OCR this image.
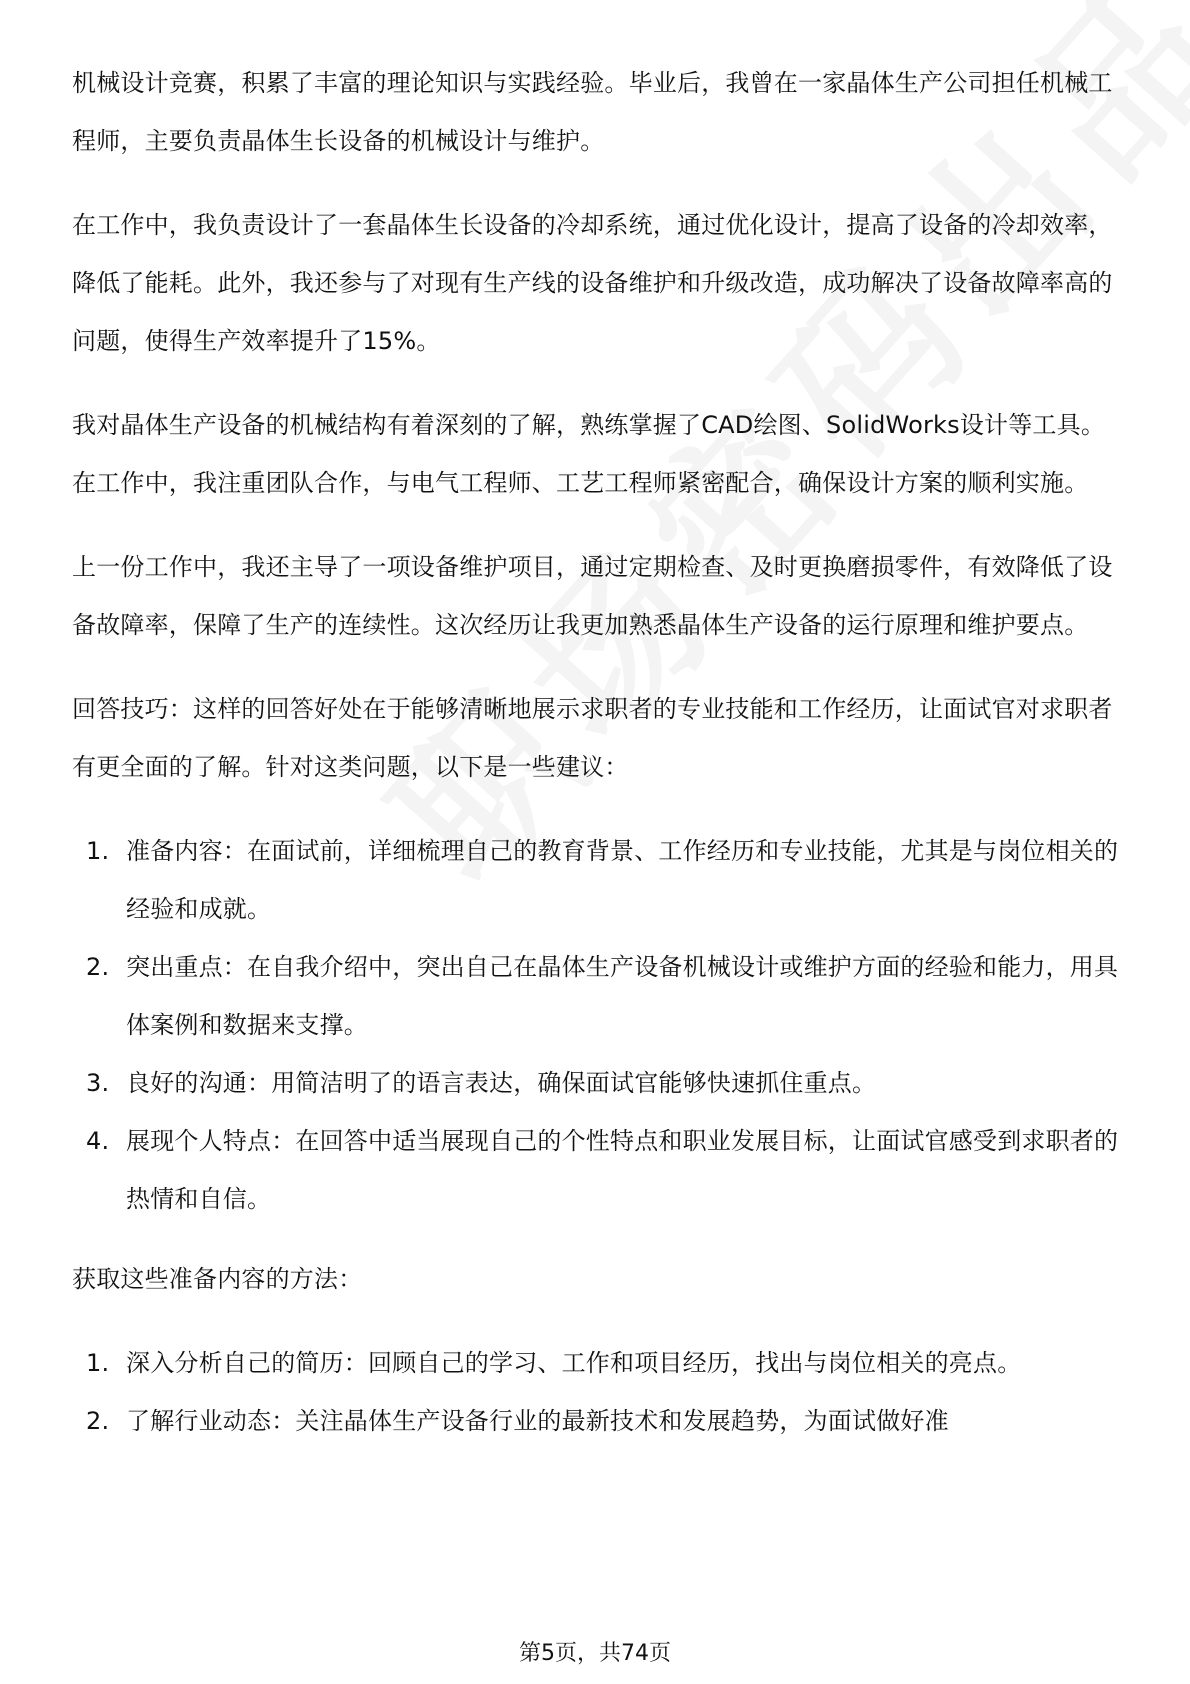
机械设计竞赛，积累了丰富的理论知识与实践经验。毕业后，我曾在一家晶体生产公司担任机械工程师，主要负责晶体生长设备的机械设计与维护。

在工作中，我负责设计了一套晶体生长设备的冷却系统，通过优化设计，提高了设备的冷却效率，降低了能耗。此外，我还参与了对现有生产线的设备维护和升级改造，成功解决了设备故障率高的问题，使得生产效率提升了15%。

我对晶体生产设备的机械结构有着深刻的了解，熟练掌握了CAD绘图、SolidWorks设计等工具。在工作中，我注重团队合作，与电气工程师、工艺工程师紧密配合，确保设计方案的顺利实施。

上一份工作中，我还主导了一项设备维护项目，通过定期检查、及时更换磨损零件，有效降低了设备故障率，保障了生产的连续性。这次经历让我更加熟悉晶体生产设备的运行原理和维护要点。

回答技巧：这样的回答好处在于能够清晰地展示求职者的专业技能和工作经历，让面试官对求职者有更全面的了解。针对这类问题，以下是一些建议：

1. 准备内容：在面试前，详细梳理自己的教育背景、工作经历和专业技能，尤其是与岗位相关的经验和成就。
2. 突出重点：在自我介绍中，突出自己在晶体生产设备机械设计或维护方面的经验和能力，用具体案例和数据来支撑。
3. 良好的沟通：用简洁明了的语言表达，确保面试官能够快速抓住重点。
4. 展现个人特点：在回答中适当展现自己的个性特点和职业发展目标，让面试官感受到求职者的热情和自信。

获取这些准备内容的方法：

1. 深入分析自己的简历：回顾自己的学习、工作和项目经历，找出与岗位相关的亮点。
2. 了解行业动态：关注晶体生产设备行业的最新技术和发展趋势，为面试做好准
第5页，共74页
